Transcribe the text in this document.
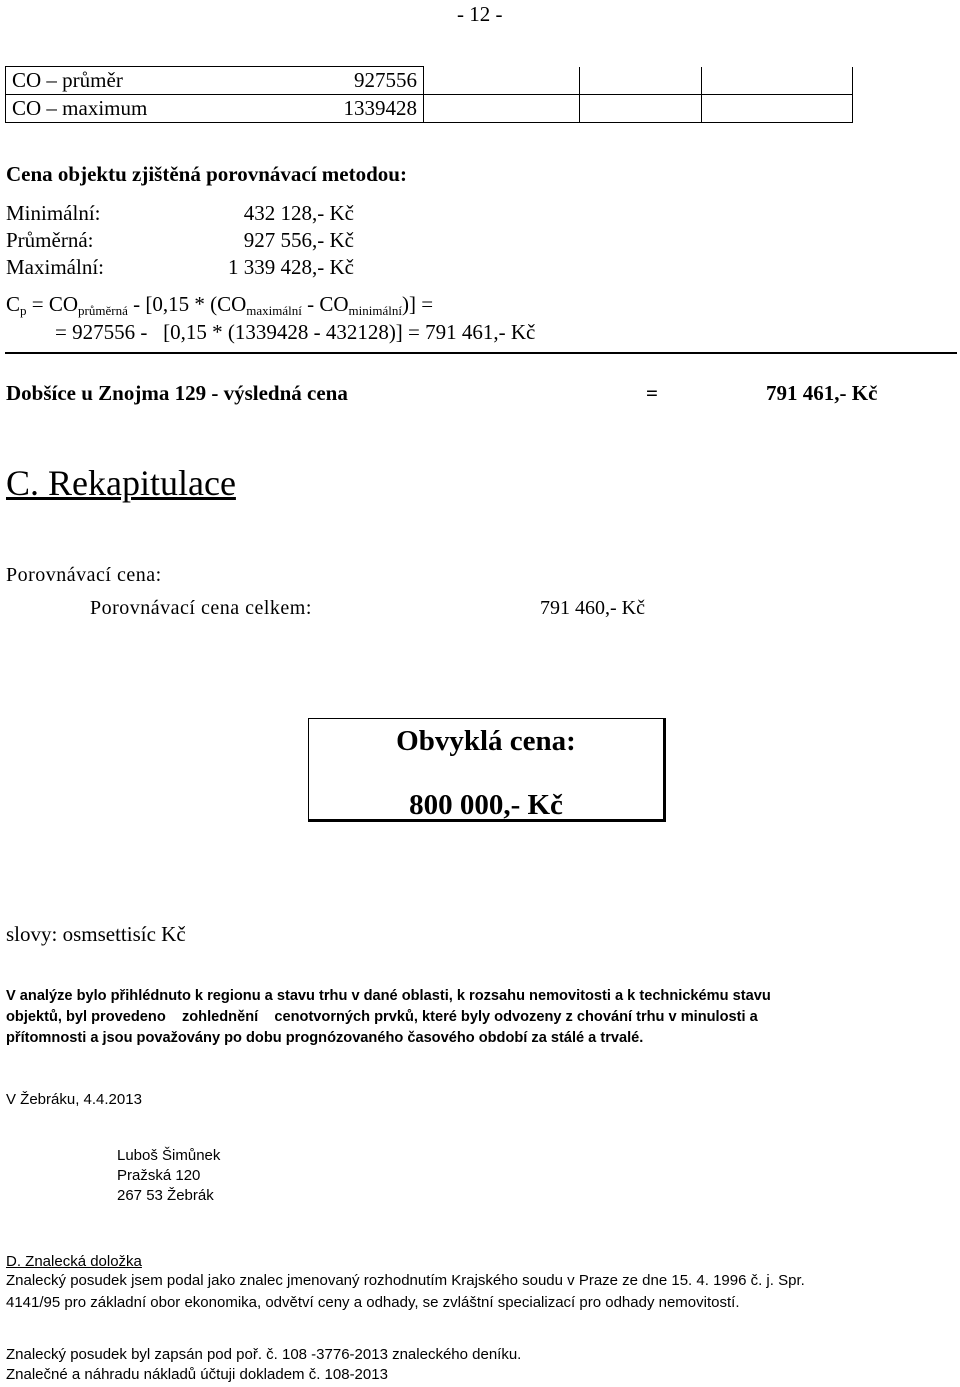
- 12 -
CO – průměr	927556			
CO – maximum	1339428			
Cena objektu zjištěná porovnávací metodou:
Minimální:	432 128,- Kč
Průměrná:	927 556,- Kč
Maximální:	1 339 428,- Kč
$C_p = CO_{průměrná} - [0,15 * (CO_{maximální} - CO_{minimální})]$ =
= 927556 -   [0,15 * (1339428 - 432128)] = 791 461,- Kč
Dobšíce u Znojma 129 - výsledná cena	=	791 461,- Kč
C. Rekapitulace
Porovnávací cena:
Porovnávací cena celkem:	791 460,- Kč
Obvyklá cena:
800 000,- Kč
slovy: osmsettisíc Kč
V analýze bylo přihlédnuto k regionu a stavu trhu v dané oblasti, k rozsahu nemovitosti a k technickému stavu
objektů, byl provedeno    zohlednění    cenotvorných prvků, které byly odvozeny z chování trhu v minulosti a
přítomnosti a jsou považovány po dobu prognózovaného časového období za stálé a trvalé.
V Žebráku, 4.4.2013
Luboš Šimůnek
Pražská 120
267 53 Žebrák
D. Znalecká doložka
Znalecký posudek jsem podal jako znalec jmenovaný rozhodnutím Krajského soudu v Praze ze dne 15. 4. 1996 č. j. Spr.
4141/95 pro základní obor ekonomika, odvětví ceny a odhady, se zvláštní specializací pro odhady nemovitostí.
Znalecký posudek byl zapsán pod poř. č. 108 -3776-2013 znaleckého deníku.
Znalečné a náhradu nákladů účtuji dokladem č. 108-2013
